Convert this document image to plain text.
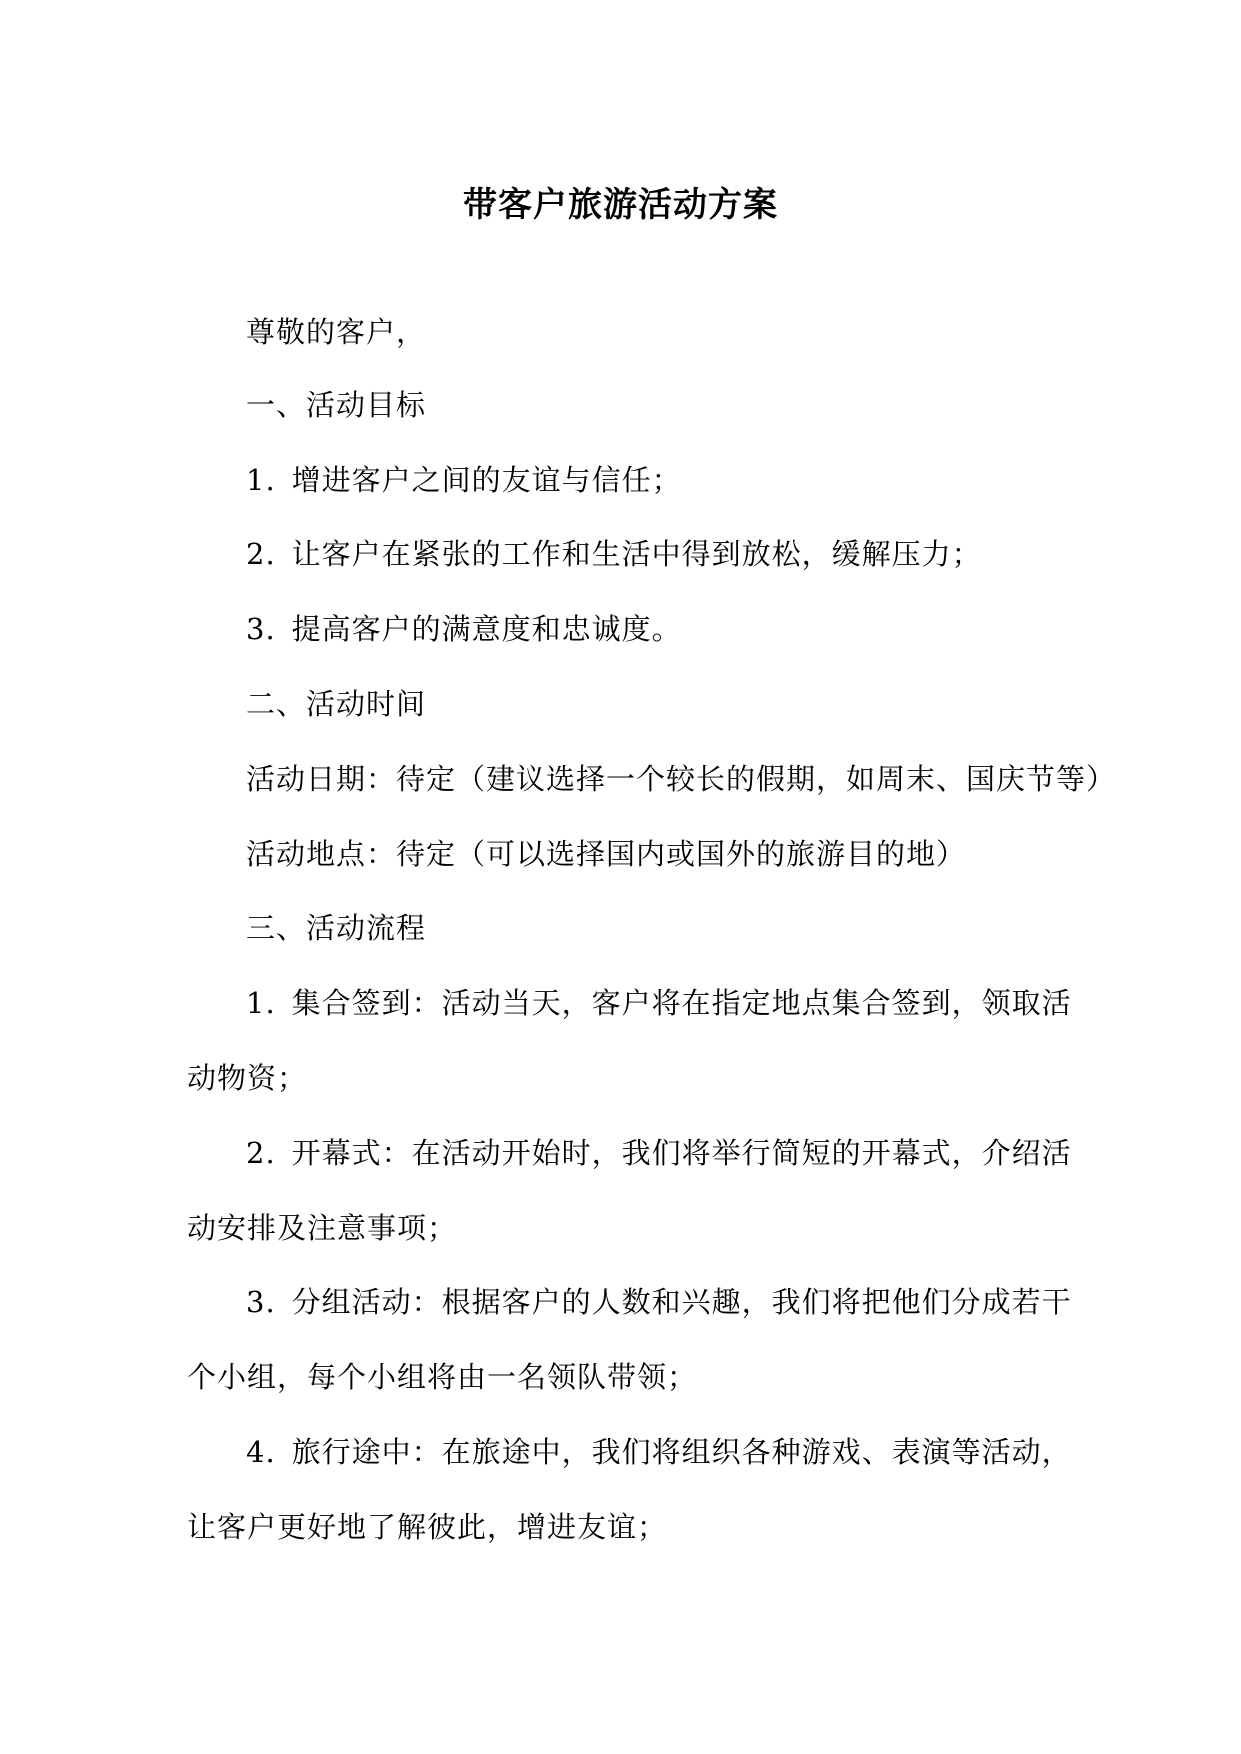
带客户旅游活动方案
尊敬的客户，
一、活动目标
1. 增进客户之间的友谊与信任；
2. 让客户在紧张的工作和生活中得到放松，缓解压力；
3. 提高客户的满意度和忠诚度。
二、活动时间
活动日期：待定（建议选择一个较长的假期，如周末、国庆节等）
活动地点：待定（可以选择国内或国外的旅游目的地）
三、活动流程
1. 集合签到：活动当天，客户将在指定地点集合签到，领取活
动物资；
2. 开幕式：在活动开始时，我们将举行简短的开幕式，介绍活
动安排及注意事项；
3. 分组活动：根据客户的人数和兴趣，我们将把他们分成若干
个小组，每个小组将由一名领队带领；
4. 旅行途中：在旅途中，我们将组织各种游戏、表演等活动，
让客户更好地了解彼此，增进友谊；
